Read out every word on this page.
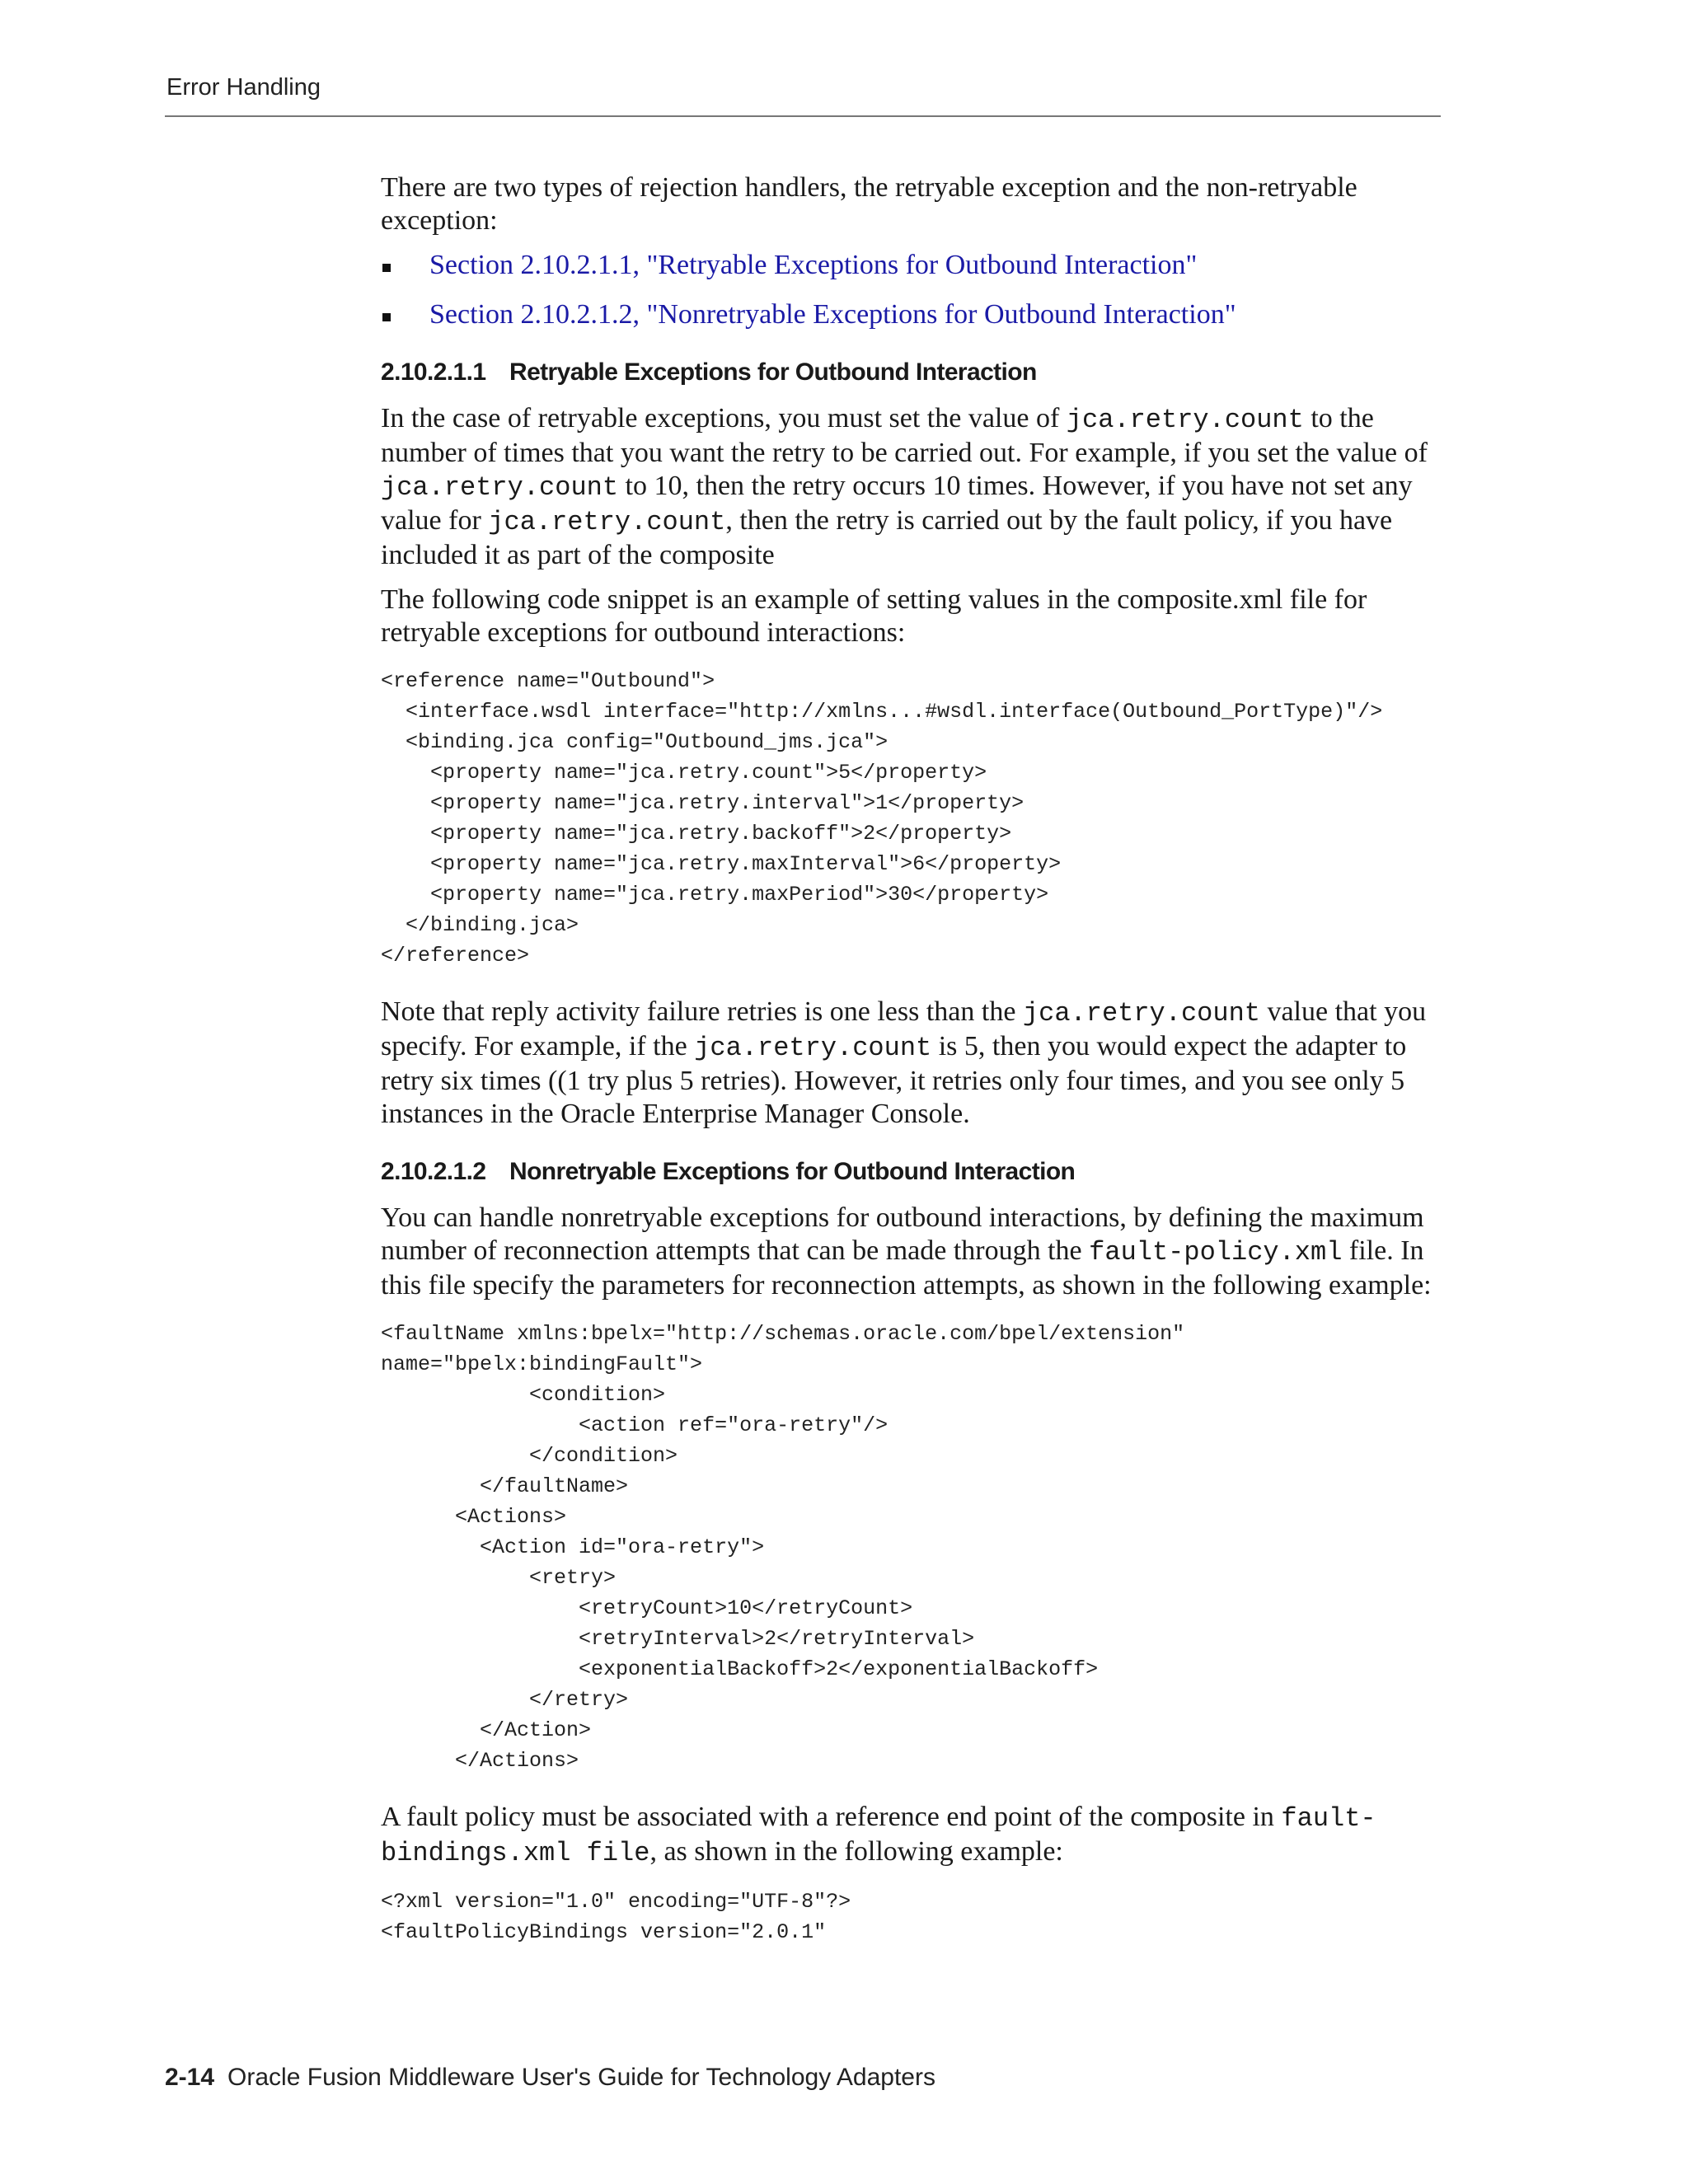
Error Handling

There are two types of rejection handlers, the retryable exception and the non-retryable exception:

Section 2.10.2.1.1, "Retryable Exceptions for Outbound Interaction"
Section 2.10.2.1.2, "Nonretryable Exceptions for Outbound Interaction"
2.10.2.1.1 Retryable Exceptions for Outbound Interaction

In the case of retryable exceptions, you must set the value of jca.retry.count to the number of times that you want the retry to be carried out. For example, if you set the value of jca.retry.count to 10, then the retry occurs 10 times. However, if you have not set any value for jca.retry.count, then the retry is carried out by the fault policy, if you have included it as part of the composite

The following code snippet is an example of setting values in the composite.xml file for retryable exceptions for outbound interactions:

<reference name="Outbound">
<interface.wsdl interface="http://xmlns...#wsdl.interface(Outbound_PortType)"/>
<binding.jca config="Outbound_jms.jca">
<property name="jca.retry.count">5</property>
<property name="jca.retry.interval">1</property>
<property name="jca.retry.backoff">2</property>
<property name="jca.retry.maxInterval">6</property>
<property name="jca.retry.maxPeriod">30</property>
</binding.jca>
</reference>

Note that reply activity failure retries is one less than the jca.retry.count value that you specify. For example, if the jca.retry.count is 5, then you would expect the adapter to retry six times ((1 try plus 5 retries). However, it retries only four times, and you see only 5 instances in the Oracle Enterprise Manager Console.

2.10.2.1.2 Nonretryable Exceptions for Outbound Interaction

You can handle nonretryable exceptions for outbound interactions, by defining the maximum number of reconnection attempts that can be made through the fault-policy.xml file. In this file specify the parameters for reconnection attempts, as shown in the following example:

<faultName xmlns:bpelx="http://schemas.oracle.com/bpel/extension"
name="bpelx:bindingFault">
<condition>
<action ref="ora-retry"/>
</condition>
</faultName>
<Actions>
<Action id="ora-retry">
<retry>
<retryCount>10</retryCount>
<retryInterval>2</retryInterval>
<exponentialBackoff>2</exponentialBackoff>
</retry>
</Action>
</Actions>

A fault policy must be associated with a reference end point of the composite in fault-bindings.xml file, as shown in the following example:

<?xml version="1.0" encoding="UTF-8"?>
<faultPolicyBindings version="2.0.1"
2-14 Oracle Fusion Middleware User's Guide for Technology Adapters
